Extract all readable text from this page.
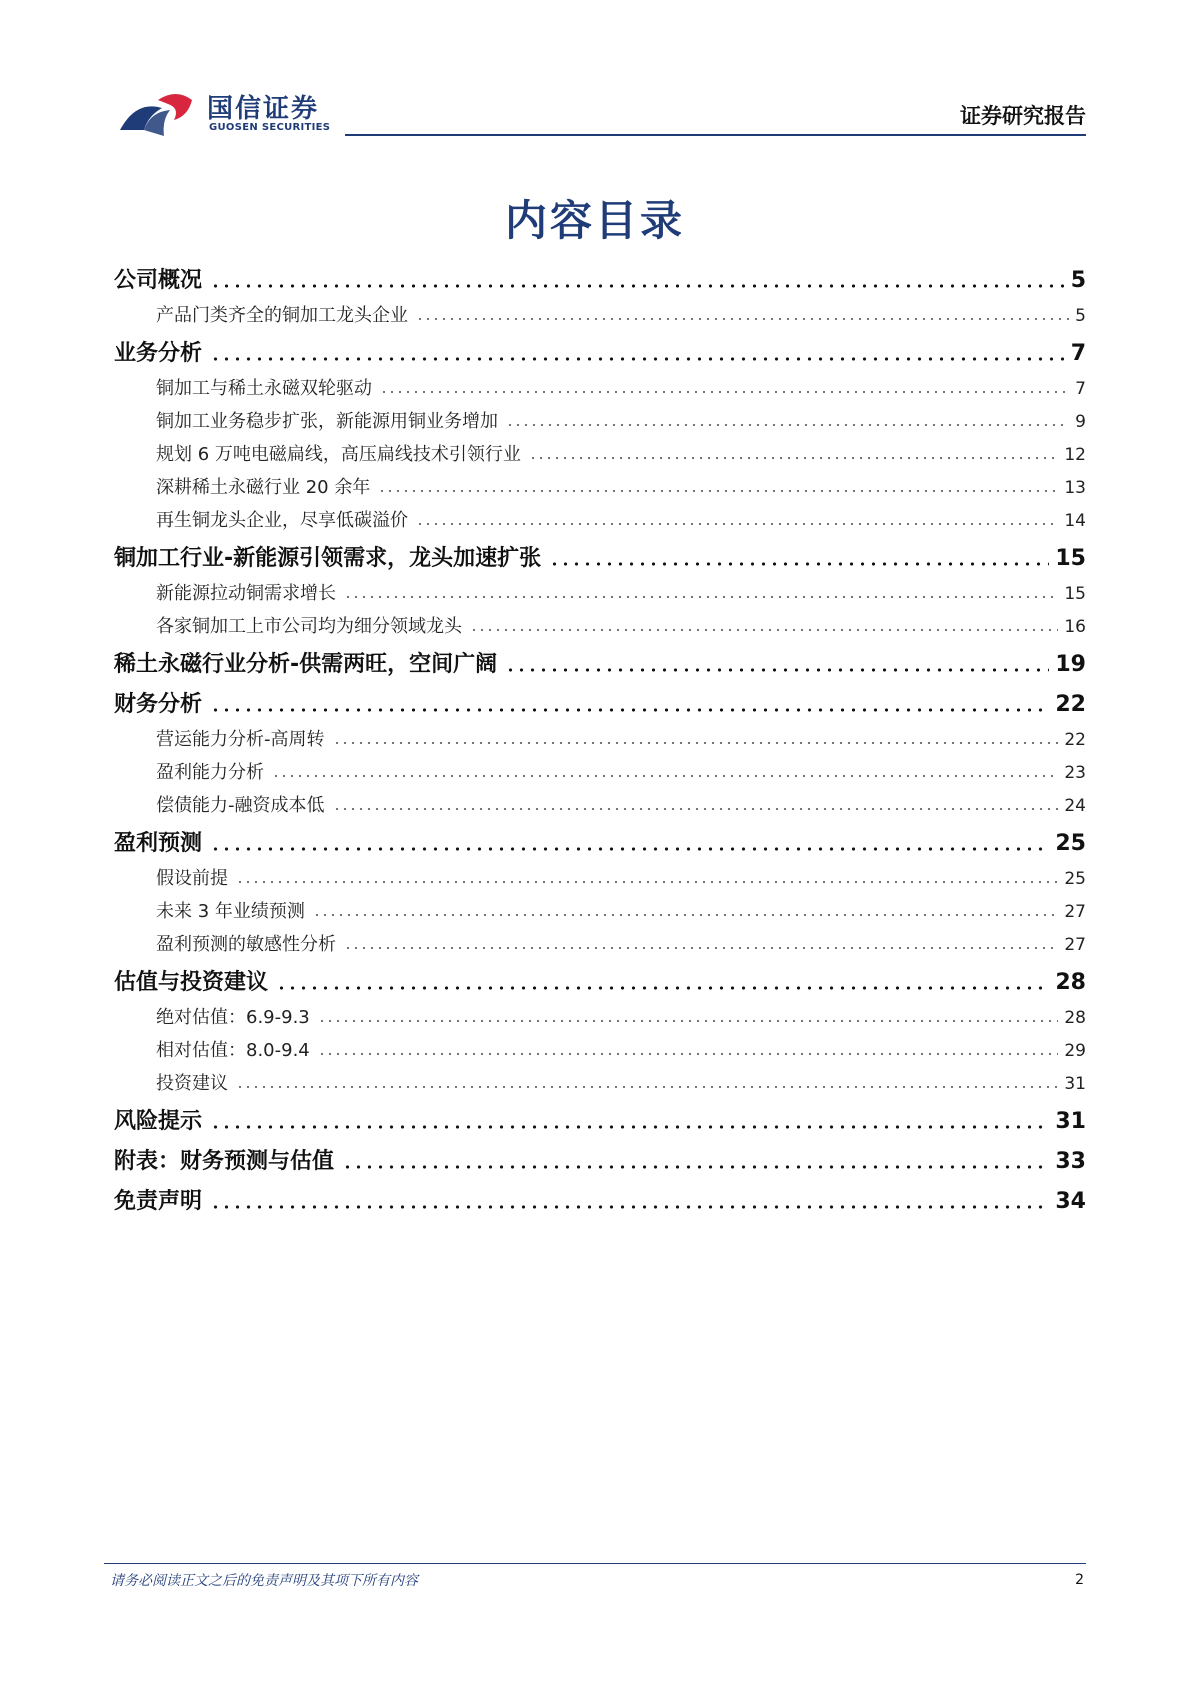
国信证券
GUOSEN SECURITIES	证券研究报告
内容目录
公司概况	5
产品门类齐全的铜加工龙头企业	5
业务分析	7
铜加工与稀土永磁双轮驱动	7
铜加工业务稳步扩张，新能源用铜业务增加	9
规划 6 万吨电磁扁线，高压扁线技术引领行业	12
深耕稀土永磁行业 20 余年	13
再生铜龙头企业，尽享低碳溢价	14
铜加工行业-新能源引领需求，龙头加速扩张	15
新能源拉动铜需求增长	15
各家铜加工上市公司均为细分领域龙头	16
稀土永磁行业分析-供需两旺，空间广阔	19
财务分析	22
营运能力分析-高周转	22
盈利能力分析	23
偿债能力-融资成本低	24
盈利预测	25
假设前提	25
未来 3 年业绩预测	27
盈利预测的敏感性分析	27
估值与投资建议	28
绝对估值：6.9-9.3	28
相对估值：8.0-9.4	29
投资建议	31
风险提示	31
附表：财务预测与估值	33
免责声明	34
请务必阅读正文之后的免责声明及其项下所有内容	2
